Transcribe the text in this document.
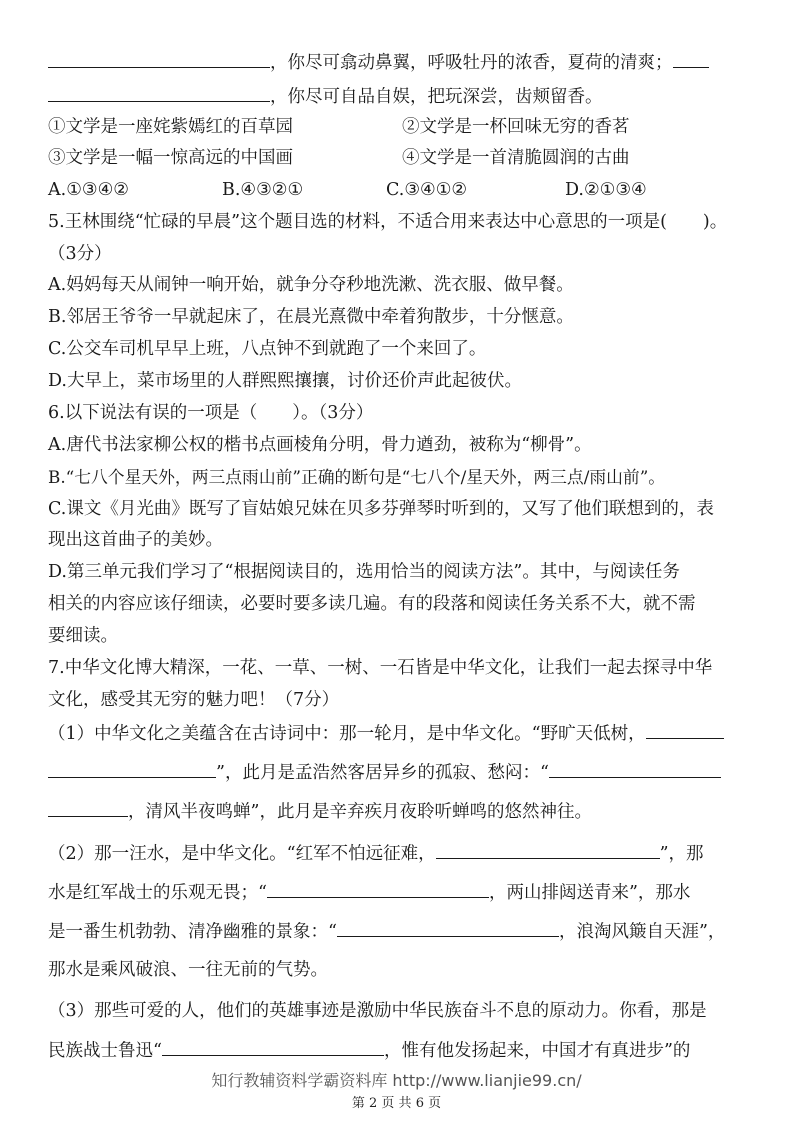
，你尽可翕动鼻翼，呼吸牡丹的浓香，夏荷的清爽；
，你尽可自品自娱，把玩深尝，齿颊留香。
①文学是一座姹紫嫣红的百草园	②文学是一杯回味无穷的香茗
③文学是一幅一惊高远的中国画	④文学是一首清脆圆润的古曲
A.①③④②	B.④③②①	C.③④①②	D.②①③④
5.王林围绕“忙碌的早晨”这个题目选的材料，不适合用来表达中心意思的一项是( )。
（3分）
A.妈妈每天从闹钟一响开始，就争分夺秒地洗漱、洗衣服、做早餐。
B.邻居王爷爷一早就起床了，在晨光熹微中牵着狗散步，十分惬意。
C.公交车司机早早上班，八点钟不到就跑了一个来回了。
D.大早上，菜市场里的人群熙熙攘攘，讨价还价声此起彼伏。
6.以下说法有误的一项是（　　）。（3分）
A.唐代书法家柳公权的楷书点画棱角分明，骨力遒劲，被称为“柳骨”。
B.“七八个星天外，两三点雨山前”正确的断句是“七八个/星天外，两三点/雨山前”。
C.课文《月光曲》既写了盲姑娘兄妹在贝多芬弹琴时听到的，又写了他们联想到的，表
现出这首曲子的美妙。
D.第三单元我们学习了“根据阅读目的，选用恰当的阅读方法”。其中，与阅读任务
相关的内容应该仔细读，必要时要多读几遍。有的段落和阅读任务关系不大，就不需
要细读。
7.中华文化博大精深，一花、一草、一树、一石皆是中华文化，让我们一起去探寻中华
文化，感受其无穷的魅力吧！（7分）
（1）中华文化之美蕴含在古诗词中：那一轮月，是中华文化。“野旷天低树，
”，此月是孟浩然客居异乡的孤寂、愁闷：“
，清风半夜鸣蝉”，此月是辛弃疾月夜聆听蝉鸣的悠然神往。
（2）那一汪水，是中华文化。“红军不怕远征难，	”，那
水是红军战士的乐观无畏；“	，两山排闼送青来”，那水
是一番生机勃勃、清净幽雅的景象：“	，浪淘风簸自天涯”，
那水是乘风破浪、一往无前的气势。
（3）那些可爱的人，他们的英雄事迹是激励中华民族奋斗不息的原动力。你看，那是
民族战士鲁迅“	，惟有他发扬起来，中国才有真进步”的
知行教辅资料学霸资料库 http://www.lianjie99.cn/
第 2 页 共 6 页
